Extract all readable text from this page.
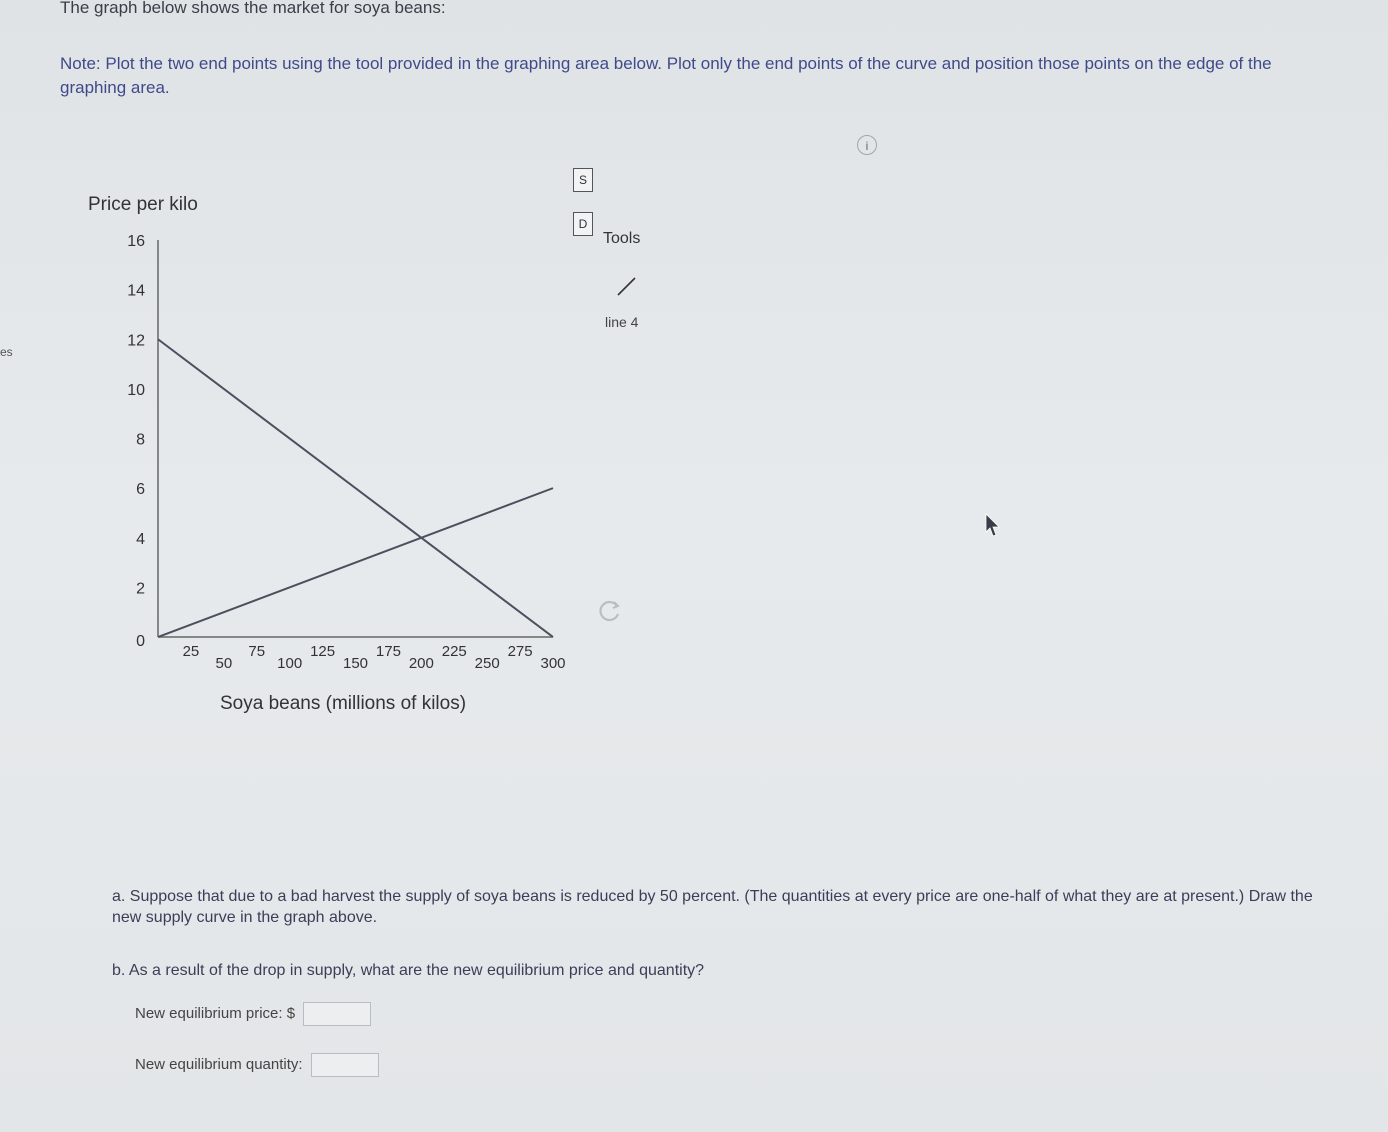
The graph below shows the market for soya beans:
Note: Plot the two end points using the tool provided in the graphing area below. Plot only the end points of the curve and position those points on the edge of the graphing area.
es
i
Price per kilo
0
2
4
6
8
10
12
14
16
25
50
75
100
125
150
175
200
225
250
275
300
Soya beans (millions of kilos)
S
D
Tools
line 4
a. Suppose that due to a bad harvest the supply of soya beans is reduced by 50 percent. (The quantities at every price are one-half of what they are at present.) Draw the new supply curve in the graph above.
b. As a result of the drop in supply, what are the new equilibrium price and quantity?
New equilibrium price: $
New equilibrium quantity:
